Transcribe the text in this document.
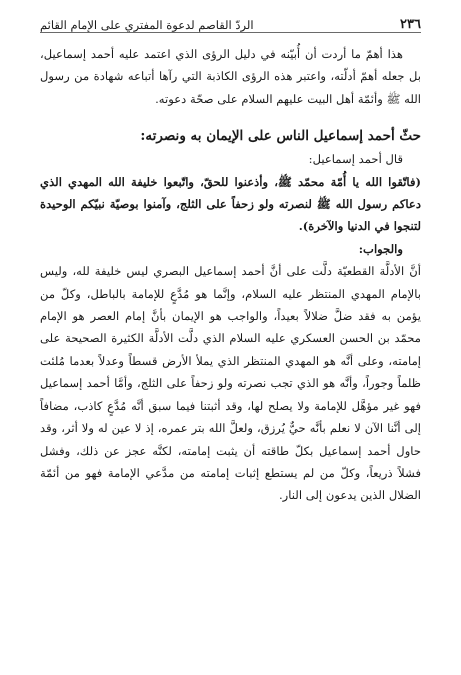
٢٣٦
الردّ القاصم لدعوة المفتري على الإمام القائم

هذا أهمّ ما أردت أن أُبيّنه في دليل الرؤى الذي اعتمد عليه أحمد إسماعيل، بل جعله أهمّ أدلّته، واعتبر هذه الرؤى الكاذبة التي رآها أتباعه شهادة من رسول الله ﷺ وأئمّة أهل البيت عليهم السلام على صحّة دعوته.

حثّ أحمد إسماعيل الناس على الإيمان به ونصرته:

قال أحمد إسماعيل:

(فاتّقوا الله يا أُمّة محمّد ﷺ، وأذعنوا للحقّ، واتّبعوا خليفة الله المهدي الذي دعاكم رسول الله ﷺ لنصرته ولو زحفاً على الثلج، وآمنوا بوصيّة نبيّكم الوحيدة لتنجوا في الدنيا والآخرة).

والجواب:

أنَّ الأدلَّة القطعيّة دلَّت على أنَّ أحمد إسماعيل البصري ليس خليفة لله، وليس بالإمام المهدي المنتظر عليه السلام، وإنَّما هو مُدَّعٍ للإمامة بالباطل، وكلّ من يؤمن به فقد ضلَّ ضلالاً بعيداً، والواجب هو الإيمان بأنَّ إمام العصر هو الإمام محمّد بن الحسن العسكري عليه السلام الذي دلَّت الأدلَّة الكثيرة الصحيحة على إمامته، وعلى أنَّه هو المهدي المنتظر الذي يملأ الأرض قسطاً وعدلاً بعدما مُلئت ظلماً وجوراً، وأنَّه هو الذي تجب نصرته ولو زحفاً على الثلج، وأمَّا أحمد إسماعيل فهو غير مؤهَّل للإمامة ولا يصلح لها، وقد أثبتنا فيما سبق أنَّه مُدَّعٍ كاذب، مضافاً إلى أنَّنا الآن لا نعلم بأنَّه حيٌّ يُرزق، ولعلَّ الله بتر عمره، إذ لا عين له ولا أثر، وقد حاول أحمد إسماعيل بكلّ طاقته أن يثبت إمامته، لكنَّه عجز عن ذلك، وفشل فشلاً ذريعاً، وكلّ من لم يستطع إثبات إمامته من مدَّعي الإمامة فهو من أئمّة الضلال الذين يدعون إلى النار.
